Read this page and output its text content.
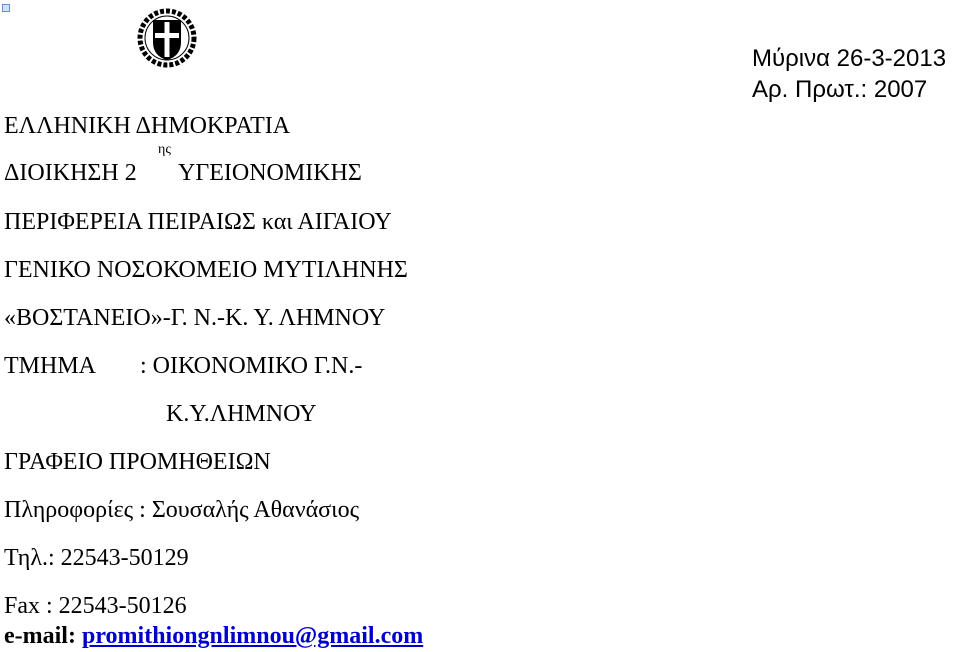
Μύρινα 26-3-2013
Αρ. Πρωτ.: 2007
ΕΛΛΗΝΙΚΗ ΔΗΜΟΚΡΑΤΙΑ
ΔΙΟΙΚΗΣΗ 2
ης
ΥΓΕΙΟΝΟΜΙΚΗΣ
ΠΕΡΙΦΕΡΕΙΑ ΠΕΙΡΑΙΩΣ και ΑΙΓΑΙΟΥ
ΓΕΝΙΚΟ ΝΟΣΟΚΟΜΕΙΟ ΜΥΤΙΛΗΝΗΣ
«ΒΟΣΤΑΝΕΙΟ»-Γ. Ν.-Κ. Υ. ΛΗΜΝΟΥ
ΤΜΗΜΑ : ΟΙΚΟΝΟΜΙΚΟ Γ.Ν.-
Κ.Υ.ΛΗΜΝΟΥ
ΓΡΑΦΕΙΟ ΠΡΟΜΗΘΕΙΩΝ
Πληροφορίες : Σουσαλής Αθανάσιος
Τηλ.: 22543-50129
Fax : 22543-50126
e-mail: promithiongnlimnou@gmail.com
